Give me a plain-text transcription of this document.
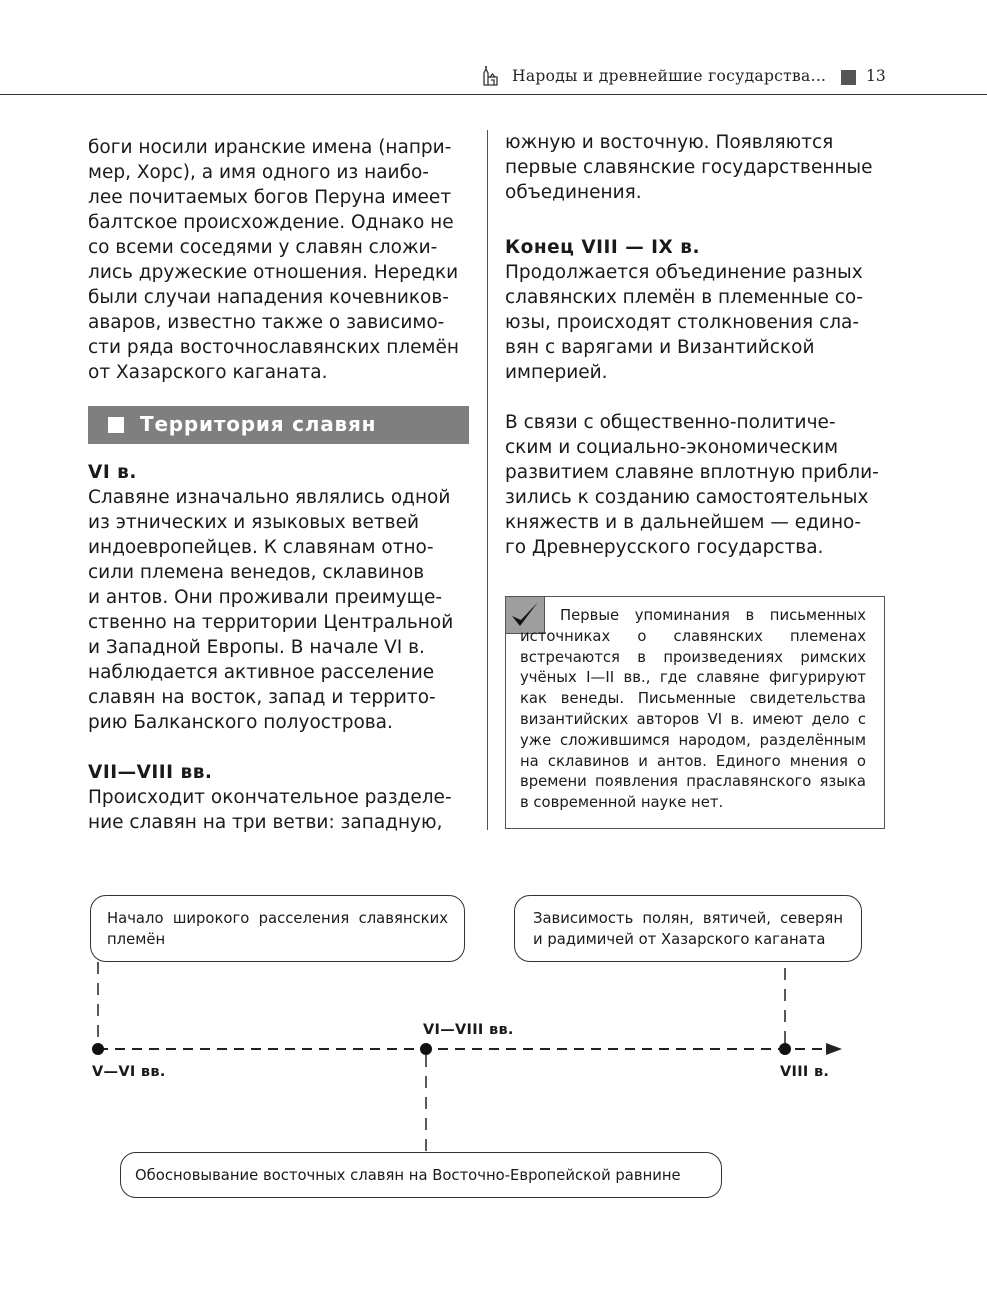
Народы и древнейшие государства...	13

боги носили иранские имена (напри-
мер, Хорс), а имя одного из наибо-
лее почитаемых богов Перуна имеет
балтское происхождение. Однако не
со всеми соседями у славян сложи-
лись дружеские отношения. Нередки
были случаи нападения кочевников-
аваров, известно также о зависимо-
сти ряда восточнославянских племён
от Хазарского каганата.

Территория славян

VI в.

Славяне изначально являлись одной
из этнических и языковых ветвей
индоевропейцев. К славянам отно-
сили племена венедов, склавинов
и антов. Они проживали преимуще-
ственно на территории Центральной
и Западной Европы. В начале VI в.
наблюдается активное расселение
славян на восток, запад и террито-
рию Балканского полуострова.

VII—VIII вв.

Происходит окончательное разделе-
ние славян на три ветви: западную,

южную и восточную. Появляются
первые славянские государственные
объединения.

Конец VIII — IX в.

Продолжается объединение разных
славянских племён в племенные со-
юзы, происходят столкновения сла-
вян с варягами и Византийской
империей.

В связи с общественно-политиче-
ским и социально-экономическим
развитием славяне вплотную прибли-
зились к созданию самостоятельных
княжеств и в дальнейшем — едино-
го Древнерусского государства.

Первые упоминания в письменных источниках о славянских племенах встречаются в произведениях римских учёных I—II вв., где славяне фигурируют как венеды. Письменные свидетельства византийских авторов VI в. имеют дело с уже сложившимся народом, разделённым на склавинов и антов. Единого мнения о времени появления праславянского языка в современной науке нет.

Начало широкого расселения славянских племён
Зависимость полян, вятичей, северян и радимичей от Хазарского каганата
Обосновывание восточных славян на Восточно-Европейской равнине
V—VI вв.
VI—VIII вв.
VIII в.
